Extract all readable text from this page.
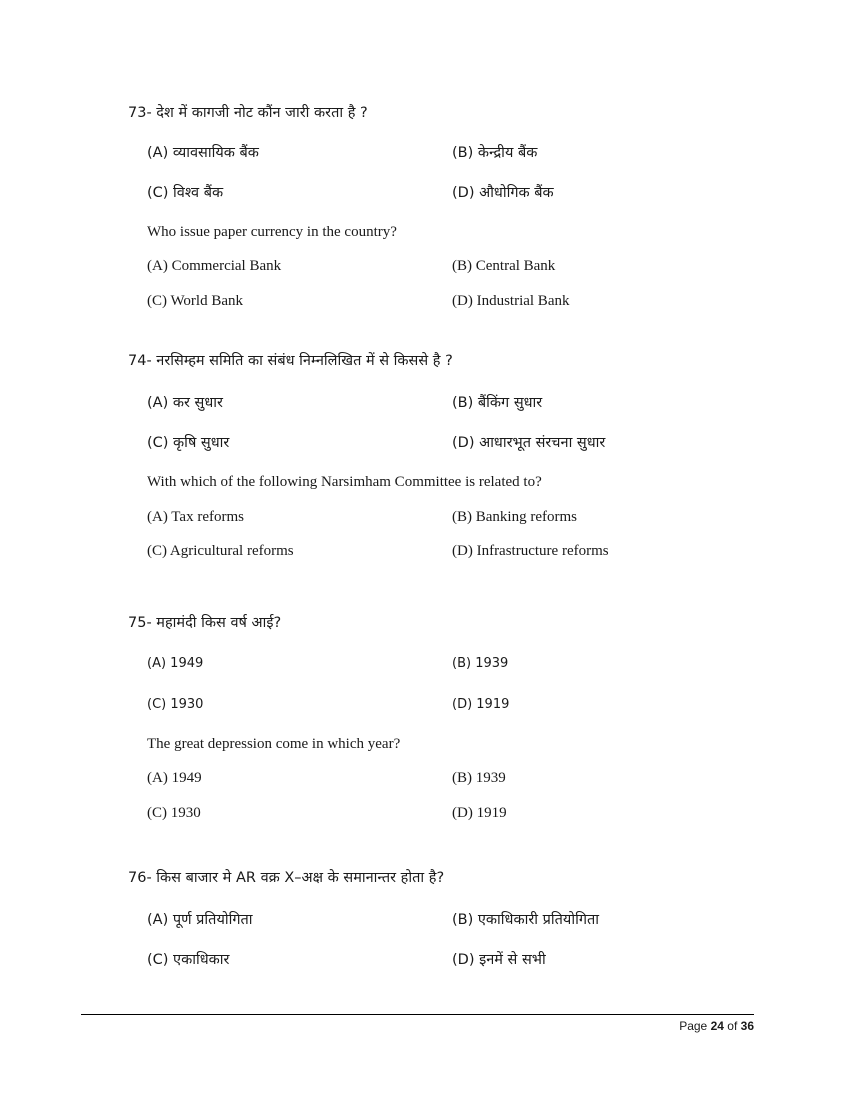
73- देश में कागजी नोट कौंन जारी करता है ?
(A) व्यावसायिक बैंक	(B) केन्द्रीय बैंक
(C) विश्व बैंक	(D) औधोगिक बैंक
Who issue paper currency in the country?
(A) Commercial Bank	(B) Central Bank
(C) World Bank	(D) Industrial Bank
74- नरसिम्हम समिति का संबंध निम्नलिखित में से किससे है ?
(A) कर सुधार	(B) बैंकिंग सुधार
(C) कृषि सुधार	(D) आधारभूत संरचना सुधार
With which of the following Narsimham Committee is related to?
(A) Tax reforms	(B) Banking reforms
(C) Agricultural reforms	(D) Infrastructure reforms
75- महामंदी किस वर्ष आई?
(A) 1949	(B) 1939
(C) 1930	(D) 1919
The great depression come in which year?
(A) 1949	(B) 1939
(C) 1930	(D) 1919
76- किस बाजार मे AR वक्र X–अक्ष के समानान्तर होता है?
(A) पूर्ण प्रतियोगिता	(B) एकाधिकारी प्रतियोगिता
(C) एकाधिकार	(D) इनमें से सभी
Page 24 of 36
